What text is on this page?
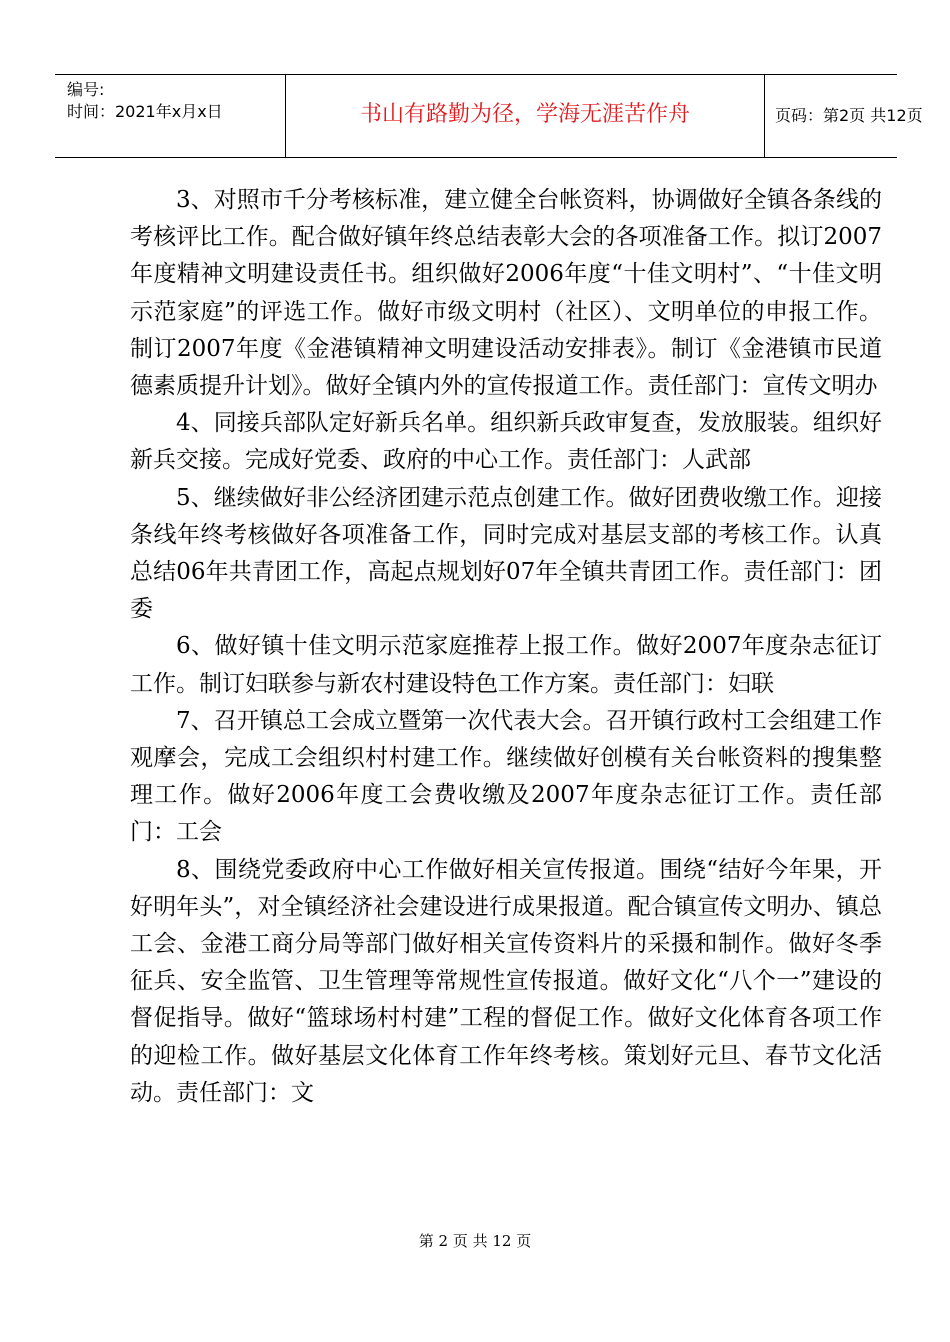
编号:
时间：2021年x月x日	书山有路勤为径，学海无涯苦作舟	页码：第2页 共12页

3、对照市千分考核标准，建立健全台帐资料，协调做好全镇各条线的考核评比工作。配合做好镇年终总结表彰大会的各项准备工作。拟订2007年度精神文明建设责任书。组织做好2006年度“十佳文明村”、“十佳文明示范家庭”的评选工作。做好市级文明村（社区）、文明单位的申报工作。制订2007年度《金港镇精神文明建设活动安排表》。制订《金港镇市民道德素质提升计划》。做好全镇内外的宣传报道工作。责任部门：宣传文明办

4、同接兵部队定好新兵名单。组织新兵政审复查，发放服装。组织好新兵交接。完成好党委、政府的中心工作。责任部门：人武部

5、继续做好非公经济团建示范点创建工作。做好团费收缴工作。迎接条线年终考核做好各项准备工作，同时完成对基层支部的考核工作。认真总结06年共青团工作，高起点规划好07年全镇共青团工作。责任部门：团委

6、做好镇十佳文明示范家庭推荐上报工作。做好2007年度杂志征订工作。制订妇联参与新农村建设特色工作方案。责任部门：妇联

7、召开镇总工会成立暨第一次代表大会。召开镇行政村工会组建工作观摩会，完成工会组织村村建工作。继续做好创模有关台帐资料的搜集整理工作。做好2006年度工会费收缴及2007年度杂志征订工作。责任部门：工会

8、围绕党委政府中心工作做好相关宣传报道。围绕“结好今年果，开好明年头”，对全镇经济社会建设进行成果报道。配合镇宣传文明办、镇总工会、金港工商分局等部门做好相关宣传资料片的采摄和制作。做好冬季征兵、安全监管、卫生管理等常规性宣传报道。做好文化“八个一”建设的督促指导。做好“篮球场村村建”工程的督促工作。做好文化体育各项工作的迎检工作。做好基层文化体育工作年终考核。策划好元旦、春节文化活动。责任部门：文

第 2 页 共 12 页
